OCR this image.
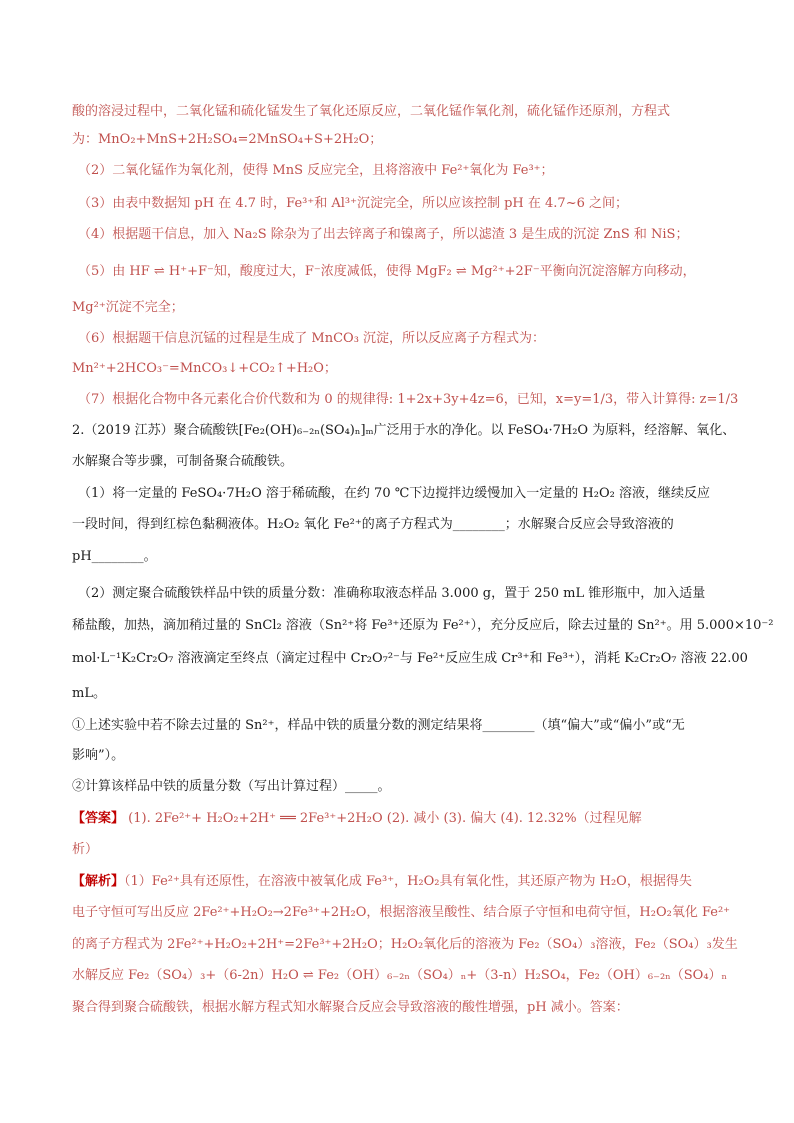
酸的溶浸过程中，二氧化锰和硫化锰发生了氧化还原反应，二氧化锰作氧化剂，硫化锰作还原剂，方程式
为：MnO₂+MnS+2H₂SO₄=2MnSO₄+S+2H₂O；
（2）二氧化锰作为氧化剂，使得 MnS 反应完全，且将溶液中 Fe²⁺氧化为 Fe³⁺；
（3）由表中数据知 pH 在 4.7 时，Fe³⁺和 Al³⁺沉淀完全，所以应该控制 pH 在 4.7~6 之间；
（4）根据题干信息，加入 Na₂S 除杂为了出去锌离子和镍离子，所以滤渣 3 是生成的沉淀 ZnS 和 NiS；
（5）由 HF ⇌ H⁺+F⁻知，酸度过大，F⁻浓度减低，使得 MgF₂ ⇌ Mg²⁺+2F⁻平衡向沉淀溶解方向移动，
Mg²⁺沉淀不完全；
（6）根据题干信息沉锰的过程是生成了 MnCO₃ 沉淀，所以反应离子方程式为：
Mn²⁺+2HCO₃⁻=MnCO₃↓+CO₂↑+H₂O；
（7）根据化合物中各元素化合价代数和为 0 的规律得: 1+2x+3y+4z=6，已知，x=y=1/3，带入计算得: z=1/3
2.（2019 江苏）聚合硫酸铁[Fe₂(OH)₆₋₂ₙ(SO₄)ₙ]ₘ广泛用于水的净化。以 FeSO₄·7H₂O 为原料，经溶解、氧化、
水解聚合等步骤，可制备聚合硫酸铁。
（1）将一定量的 FeSO₄·7H₂O 溶于稀硫酸，在约 70 ℃下边搅拌边缓慢加入一定量的 H₂O₂ 溶液，继续反应
一段时间，得到红棕色黏稠液体。H₂O₂ 氧化 Fe²⁺的离子方程式为________；水解聚合反应会导致溶液的
pH________。
（2）测定聚合硫酸铁样品中铁的质量分数：准确称取液态样品 3.000 g，置于 250 mL 锥形瓶中，加入适量
稀盐酸，加热，滴加稍过量的 SnCl₂ 溶液（Sn²⁺将 Fe³⁺还原为 Fe²⁺），充分反应后，除去过量的 Sn²⁺。用 5.000×10⁻²
mol·L⁻¹K₂Cr₂O₇ 溶液滴定至终点（滴定过程中 Cr₂O₇²⁻与 Fe²⁺反应生成 Cr³⁺和 Fe³⁺），消耗 K₂Cr₂O₇ 溶液 22.00
mL。
①上述实验中若不除去过量的 Sn²⁺，样品中铁的质量分数的测定结果将________（填“偏大”或“偏小”或“无
影响”）。
②计算该样品中铁的质量分数（写出计算过程）_____。
【答案】 (1). 2Fe²⁺+ H₂O₂+2H⁺ ══ 2Fe³⁺+2H₂O (2). 减小 (3). 偏大 (4). 12.32%（过程见解
析）
【解析】（1）Fe²⁺具有还原性，在溶液中被氧化成 Fe³⁺，H₂O₂具有氧化性，其还原产物为 H₂O，根据得失
电子守恒可写出反应 2Fe²⁺+H₂O₂→2Fe³⁺+2H₂O，根据溶液呈酸性、结合原子守恒和电荷守恒，H₂O₂氧化 Fe²⁺
的离子方程式为 2Fe²⁺+H₂O₂+2H⁺=2Fe³⁺+2H₂O；H₂O₂氧化后的溶液为 Fe₂（SO₄）₃溶液，Fe₂（SO₄）₃发生
水解反应 Fe₂（SO₄）₃+（6-2n）H₂O ⇌ Fe₂（OH）₆₋₂ₙ（SO₄）ₙ+（3-n）H₂SO₄，Fe₂（OH）₆₋₂ₙ（SO₄）ₙ
聚合得到聚合硫酸铁，根据水解方程式知水解聚合反应会导致溶液的酸性增强，pH 减小。答案：
